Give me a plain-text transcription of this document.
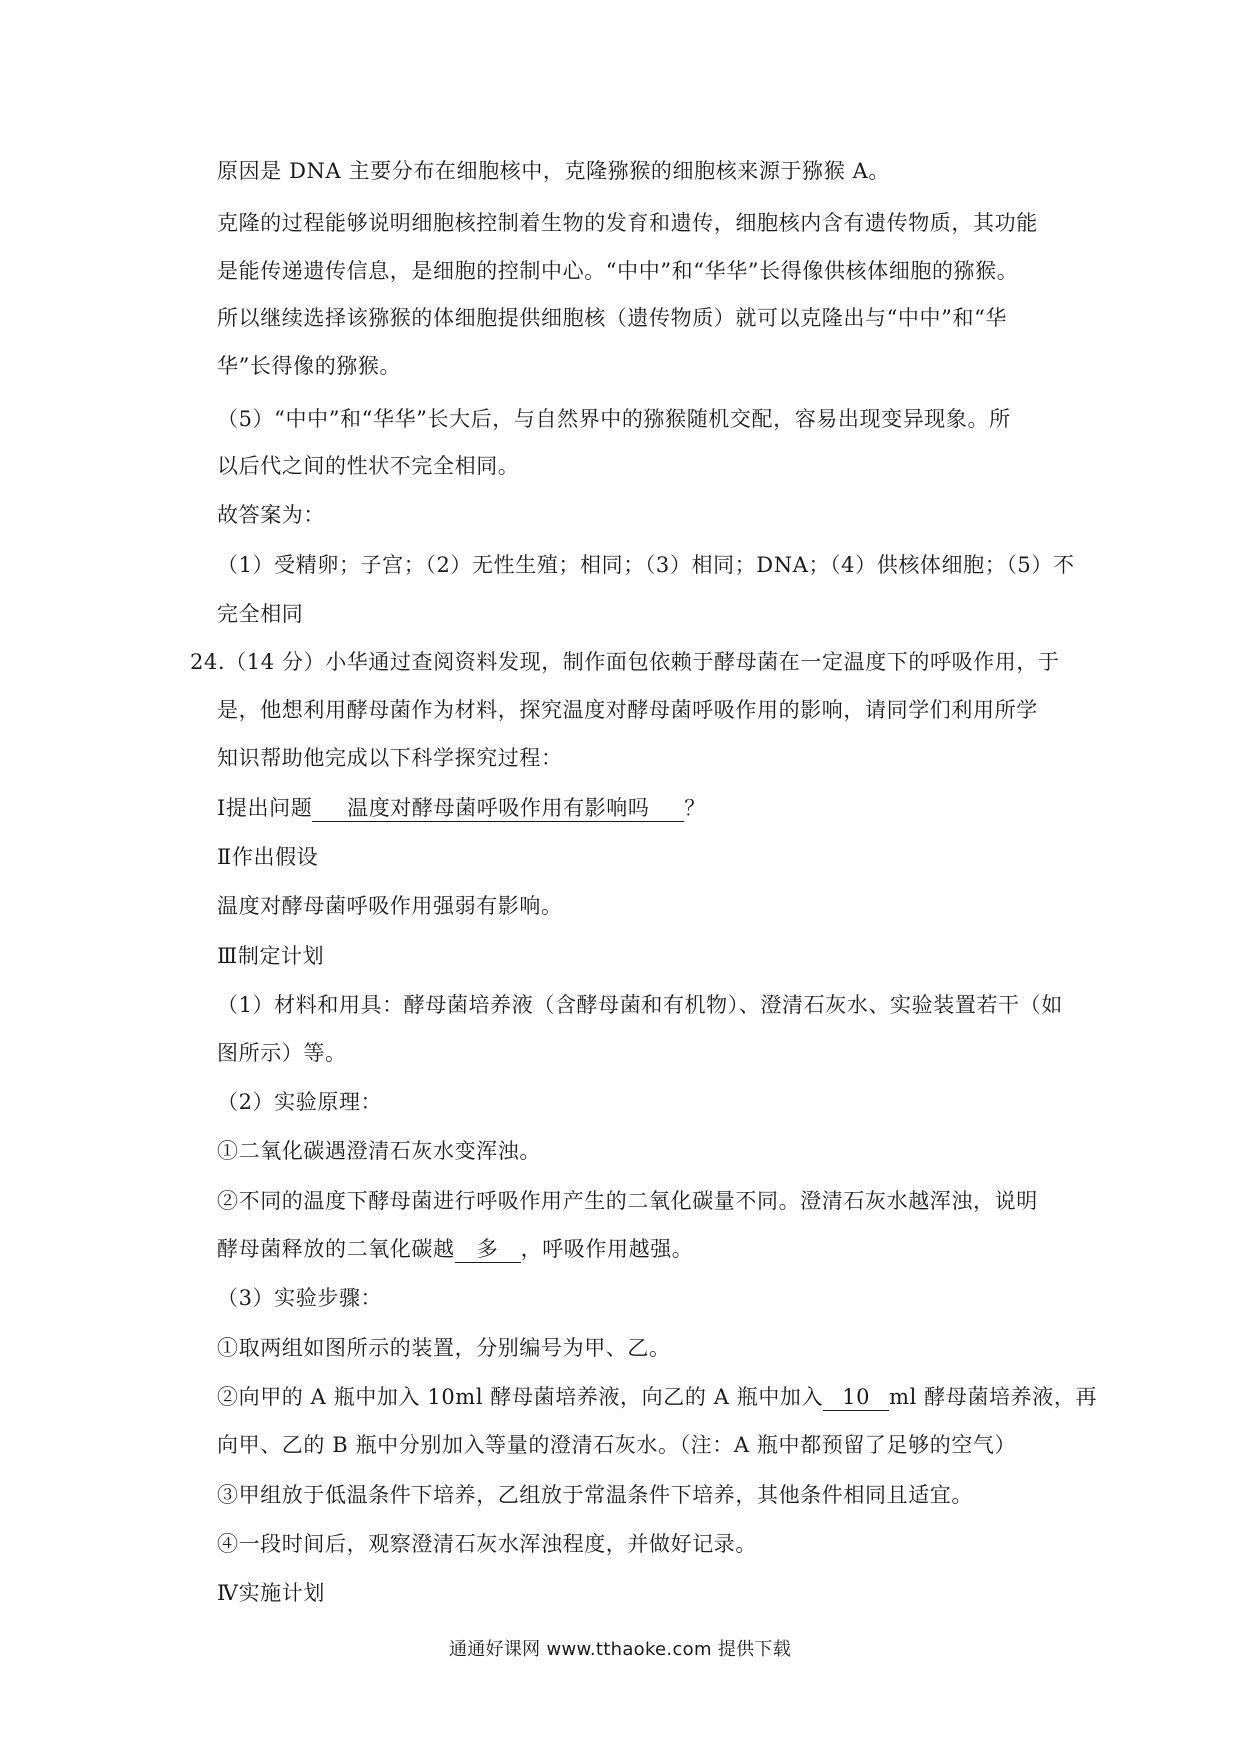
原因是 DNA 主要分布在细胞核中，克隆猕猴的细胞核来源于猕猴 A。
克隆的过程能够说明细胞核控制着生物的发育和遗传，细胞核内含有遗传物质，其功能
是能传递遗传信息，是细胞的控制中心。“中中”和“华华”长得像供核体细胞的猕猴。
所以继续选择该猕猴的体细胞提供细胞核（遗传物质）就可以克隆出与“中中”和“华
华”长得像的猕猴。
（5）“中中”和“华华”长大后，与自然界中的猕猴随机交配，容易出现变异现象。所
以后代之间的性状不完全相同。
故答案为：
（1）受精卵；子宫；（2）无性生殖；相同；（3）相同；DNA；（4）供核体细胞；（5）不
完全相同
24.（14 分）小华通过查阅资料发现，制作面包依赖于酵母菌在一定温度下的呼吸作用，于
是，他想利用酵母菌作为材料，探究温度对酵母菌呼吸作用的影响，请同学们利用所学
知识帮助他完成以下科学探究过程：
Ⅰ提出问题 温度对酵母菌呼吸作用有影响吗 ？
Ⅱ作出假设
温度对酵母菌呼吸作用强弱有影响。
Ⅲ制定计划
（1）材料和用具：酵母菌培养液（含酵母菌和有机物）、澄清石灰水、实验装置若干（如
图所示）等。
（2）实验原理：
①二氧化碳遇澄清石灰水变浑浊。
②不同的温度下酵母菌进行呼吸作用产生的二氧化碳量不同。澄清石灰水越浑浊，说明
酵母菌释放的二氧化碳越 多 ，呼吸作用越强。
（3）实验步骤：
①取两组如图所示的装置，分别编号为甲、乙。
②向甲的 A 瓶中加入 10ml 酵母菌培养液，向乙的 A 瓶中加入 10 ml 酵母菌培养液，再
向甲、乙的 B 瓶中分别加入等量的澄清石灰水。（注：A 瓶中都预留了足够的空气）
③甲组放于低温条件下培养，乙组放于常温条件下培养，其他条件相同且适宜。
④一段时间后，观察澄清石灰水浑浊程度，并做好记录。
Ⅳ实施计划
通通好课网 www.tthaoke.com 提供下载
